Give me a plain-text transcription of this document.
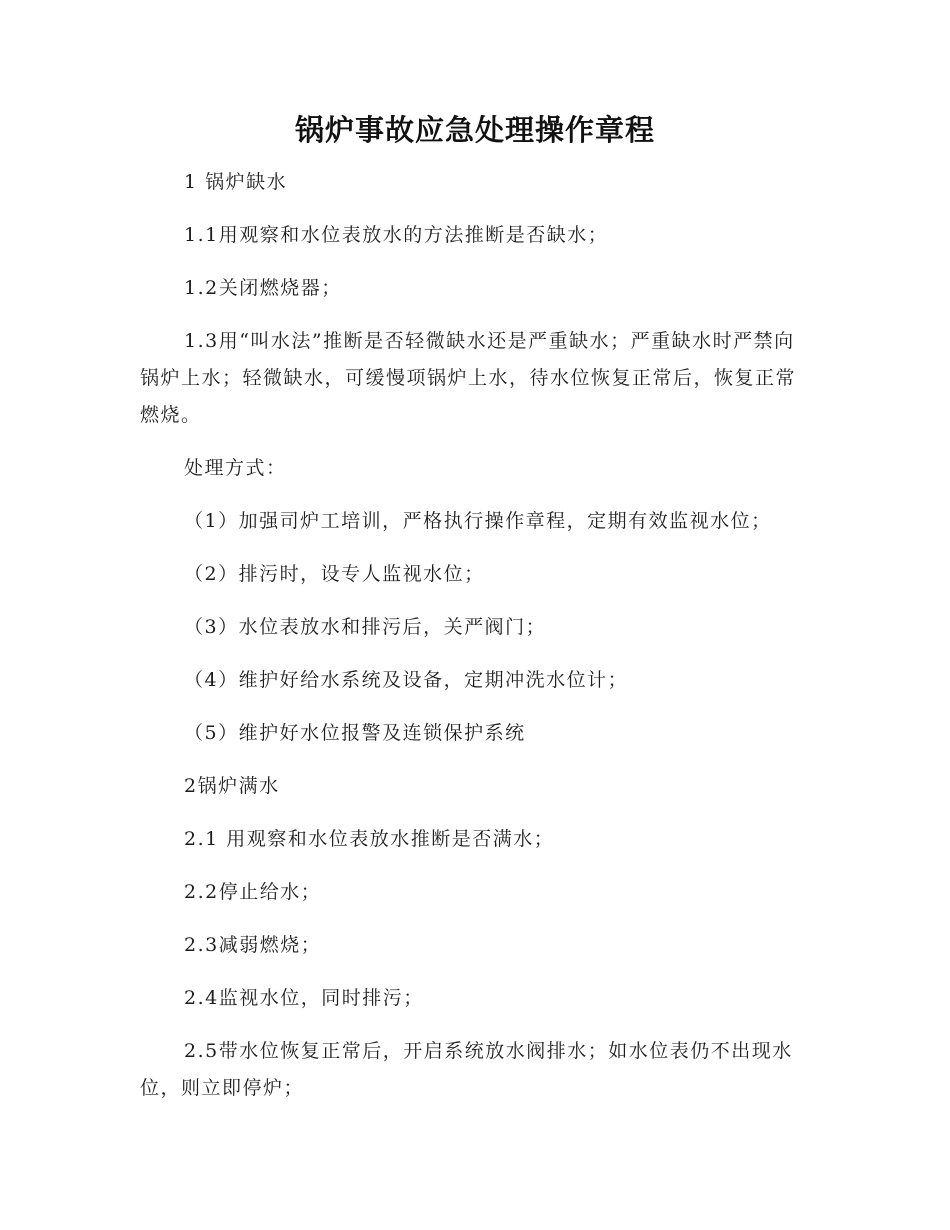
锅炉事故应急处理操作章程

1 锅炉缺水

1.1用观察和水位表放水的方法推断是否缺水；

1.2关闭燃烧器；

1.3用“叫水法”推断是否轻微缺水还是严重缺水；严重缺水时严禁向锅炉上水；轻微缺水，可缓慢项锅炉上水，待水位恢复正常后，恢复正常燃烧。

处理方式：

（1）加强司炉工培训，严格执行操作章程，定期有效监视水位；

（2）排污时，设专人监视水位；

（3）水位表放水和排污后，关严阀门；

（4）维护好给水系统及设备，定期冲洗水位计；

（5）维护好水位报警及连锁保护系统

2锅炉满水

2.1 用观察和水位表放水推断是否满水；

2.2停止给水；

2.3减弱燃烧；

2.4监视水位，同时排污；

2.5带水位恢复正常后，开启系统放水阀排水；如水位表仍不出现水位，则立即停炉；
